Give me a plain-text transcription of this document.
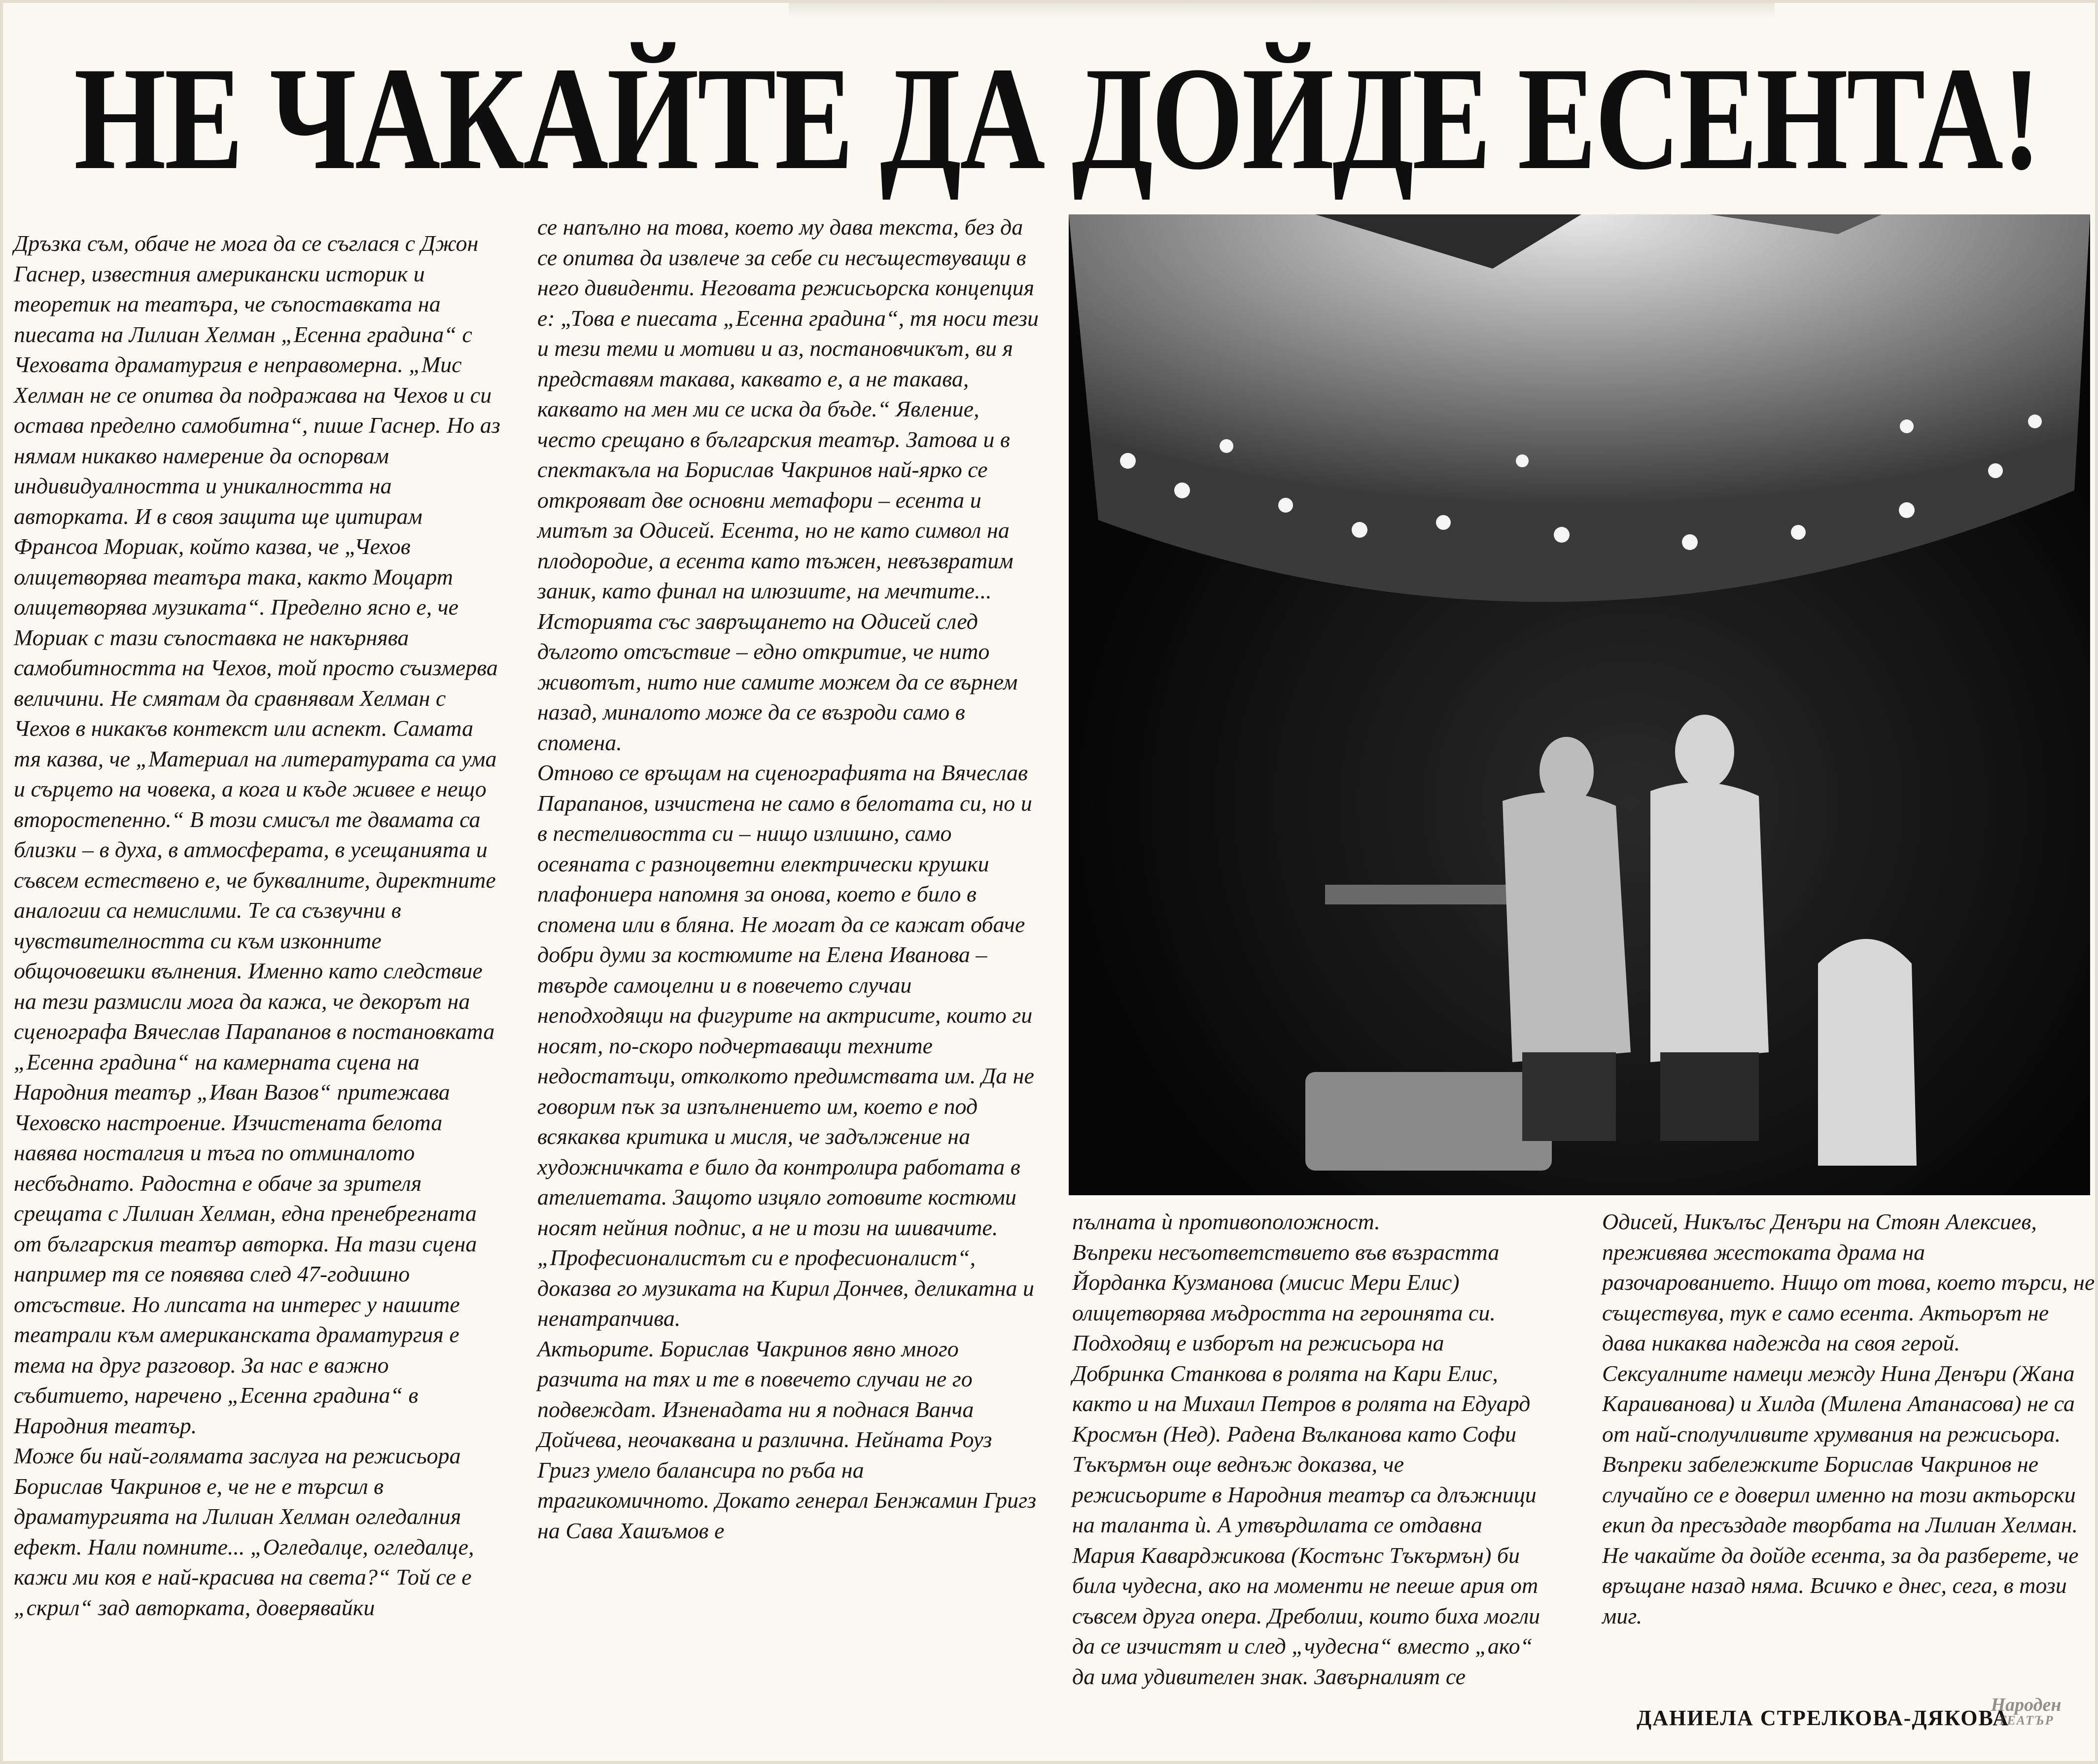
НЕ ЧАКАЙТЕ ДА ДОЙДЕ ЕСЕНТА!

Дръзка съм, обаче не мога да се съглася с Джон Гаснер, известния американски историк и теоретик на театъра, че съпоставката на пиесата на Лилиан Хелман „Есенна градина“ с Чеховата драматургия е неправомерна. „Мис Хелман не се опитва да подражава на Чехов и си остава пределно самобитна“, пише Гаснер. Но аз нямам никакво намерение да оспорвам индивидуалността и уникалността на авторката. И в своя защита ще цитирам Франсоа Мориак, който казва, че „Чехов олицетворява театъра така, както Моцарт олицетворява музиката“. Пределно ясно е, че Мориак с тази съпоставка не накърнява самобитността на Чехов, той просто съизмерва величини. Не смятам да сравнявам Хелман с Чехов в никакъв контекст или аспект. Самата тя казва, че „Материал на литературата са ума и сърцето на човека, а кога и къде живее е нещо второстепенно.“ В този смисъл те двамата са близки – в духа, в атмосферата, в усещанията и съвсем естествено е, че буквалните, директните аналогии са немислими. Те са съзвучни в чувствителността си към изконните общочовешки вълнения. Именно като следствие на тези размисли мога да кажа, че декорът на сценографа Вячеслав Парапанов в постановката „Есенна градина“ на камерната сцена на Народния театър „Иван Вазов“ притежава Чеховско настроение. Изчистената белота навява носталгия и тъга по отминалото несбъднато. Радостна е обаче за зрителя срещата с Лилиан Хелман, една пренебрегната от българския театър авторка. На тази сцена например тя се появява след 47-годишно отсъствие. Но липсата на интерес у нашите театрали към американската драматургия е тема на друг разговор. За нас е важно събитието, наречено „Есенна градина“ в Народния театър.

Може би най-голямата заслуга на режисьора Борислав Чакринов е, че не е търсил в драматургията на Лилиан Хелман огледалния ефект. Нали помните... „Огледалце, огледалце, кажи ми коя е най-красива на света?“ Той се е „скрил“ зад авторката, доверявайки

се напълно на това, което му дава текста, без да се опитва да извлече за себе си несъществуващи в него дивиденти. Неговата режисьорска концепция е: „Това е пиесата „Есенна градина“, тя носи тези и тези теми и мотиви и аз, постановчикът, ви я представям такава, каквато е, а не такава, каквато на мен ми се иска да бъде.“ Явление, често срещано в българския театър. Затова и в спектакъла на Борислав Чакринов най-ярко се открояват две основни метафори – есента и митът за Одисей. Есента, но не като символ на плодородие, а есента като тъжен, невъзвратим заник, като финал на илюзиите, на мечтите... Историята със завръщането на Одисей след дългото отсъствие – едно откритие, че нито животът, нито ние самите можем да се върнем назад, миналото може да се възроди само в спомена.

Отново се връщам на сценографията на Вячеслав Парапанов, изчистена не само в белотата си, но и в пестеливостта си – нищо излишно, само осеяната с разноцветни електрически крушки плафониера напомня за онова, което е било в спомена или в бляна. Не могат да се кажат обаче добри думи за костюмите на Елена Иванова – твърде самоцелни и в повечето случаи неподходящи на фигурите на актрисите, които ги носят, по-скоро подчертаващи техните недостатъци, отколкото предимствата им. Да не говорим пък за изпълнението им, което е под всякаква критика и мисля, че задължение на художничката е било да контролира работата в ателиетата. Защото изцяло готовите костюми носят нейния подпис, а не и този на шивачите.

„Професионалистът си е професионалист“, доказва го музиката на Кирил Дончев, деликатна и ненатрапчива.

Актьорите. Борислав Чакринов явно много разчита на тях и те в повечето случаи не го подвеждат. Изненадата ни я поднася Ванча Дойчева, неочаквана и различна. Нейната Роуз Григз умело балансира по ръба на трагикомичното. Докато генерал Бенжамин Григз на Сава Хашъмов е

пълната ѝ противоположност.

Въпреки несъответствието във възрастта Йорданка Кузманова (мисис Мери Елис) олицетворява мъдростта на героинята си.

Подходящ е изборът на режисьора на Добринка Станкова в ролята на Кари Елис, както и на Михаил Петров в ролята на Едуард Кросмън (Нед). Радена Вълканова като Софи Тъкърмън още веднъж доказва, че режисьорите в Народния театър са длъжници на таланта ѝ. А утвърдилата се отдавна Мария Каварджикова (Костънс Тъкърмън) би била чудесна, ако на моменти не пееше ария от съвсем друга опера. Дреболии, които биха могли да се изчистят и след „чудесна“ вместо „ако“ да има удивителен знак. Завърналият се

Одисей, Никълъс Денъри на Стоян Алексиев, преживява жестоката драма на разочарованието. Нищо от това, което търси, не съществува, тук е само есента. Актьорът не дава никаква надежда на своя герой.

Сексуалните намеци между Нина Денъри (Жана Караиванова) и Хилда (Милена Атанасова) не са от най-сполучливите хрумвания на режисьора.

Въпреки забележките Борислав Чакринов не случайно се е доверил именно на този актьорски екип да пресъздаде творбата на Лилиан Хелман.

Не чакайте да дойде есента, за да разберете, че връщане назад няма. Всичко е днес, сега, в този миг.

ДАНИЕЛА СТРЕЛКОВА-ДЯКОВА

Народен
ТЕАТЪР
